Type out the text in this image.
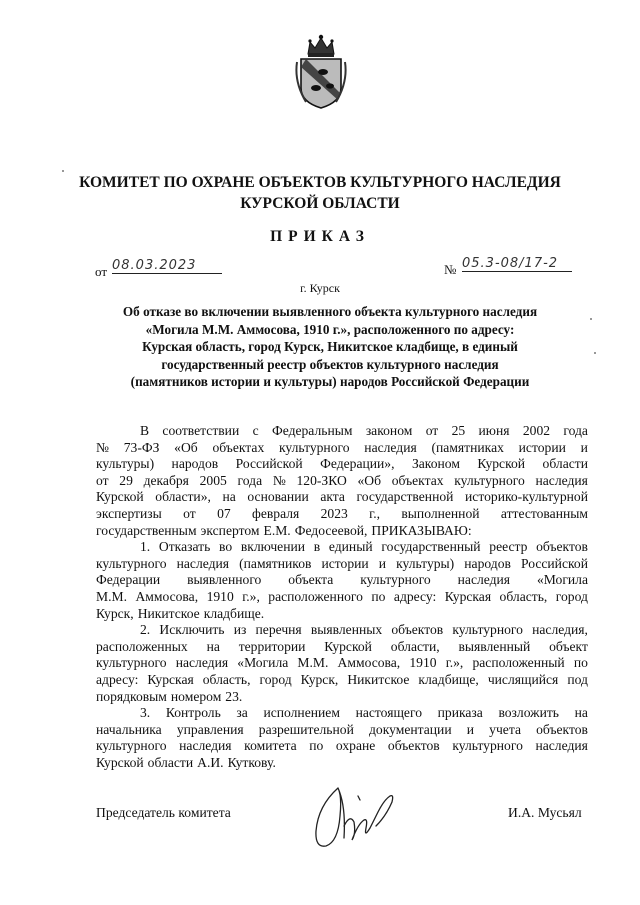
КОМИТЕТ ПО ОХРАНЕ ОБЪЕКТОВ КУЛЬТУРНОГО НАСЛЕДИЯ
КУРСКОЙ ОБЛАСТИ
ПРИКАЗ
от 08.03.2023	№ 05.3-08/17-2
г. Курск
Об отказе во включении выявленного объекта культурного наследия
«Могила М.М. Аммосова, 1910 г.», расположенного по адресу:
Курская область, город Курск, Никитское кладбище, в единый
государственный реестр объектов культурного наследия
(памятников истории и культуры) народов Российской Федерации
В соответствии с Федеральным законом от 25 июня 2002 года
№ 73-ФЗ «Об объектах культурного наследия (памятниках истории и
культуры) народов Российской Федерации», Законом Курской области
от 29 декабря 2005 года № 120-ЗКО «Об объектах культурного наследия
Курской области», на основании акта государственной историко-культурной
экспертизы от 07 февраля 2023 г., выполненной аттестованным
государственным экспертом Е.М. Федосеевой, ПРИКАЗЫВАЮ:
1. Отказать во включении в единый государственный реестр объектов
культурного наследия (памятников истории и культуры) народов Российской
Федерации выявленного объекта культурного наследия «Могила
М.М. Аммосова, 1910 г.», расположенного по адресу: Курская область, город
Курск, Никитское кладбище.
2. Исключить из перечня выявленных объектов культурного наследия,
расположенных на территории Курской области, выявленный объект
культурного наследия «Могила М.М. Аммосова, 1910 г.», расположенный по
адресу: Курская область, город Курск, Никитское кладбище, числящийся под
порядковым номером 23.
3. Контроль за исполнением настоящего приказа возложить на
начальника управления разрешительной документации и учета объектов
культурного наследия комитета по охране объектов культурного наследия
Курской области А.И. Куткову.
Председатель комитета	И.А. Мусьял
